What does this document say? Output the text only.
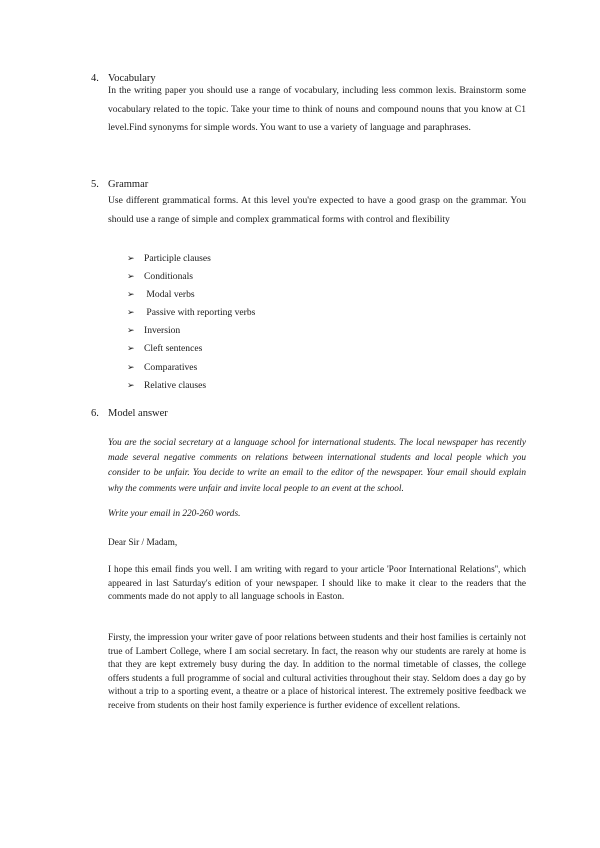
4. Vocabulary

In the writing paper you should use a range of vocabulary, including less common lexis. Brainstorm some vocabulary related to the topic. Take your time to think of nouns and compound nouns that you know at C1 level.Find synonyms for simple words. You want to use a variety of language and paraphrases.

5. Grammar

Use different grammatical forms. At this level you're expected to have a good grasp on the grammar. You should use a range of simple and complex grammatical forms with control and flexibility

➢ Participle clauses
➢ Conditionals
➢ Modal verbs
➢ Passive with reporting verbs
➢ Inversion
➢ Cleft sentences
➢ Comparatives
➢ Relative clauses
6. Model answer

You are the social secretary at a language school for international students. The local newspaper has recently made several negative comments on relations between international students and local people which you consider to be unfair. You decide to write an email to the editor of the newspaper. Your email should explain why the comments were unfair and invite local people to an event at the school.

Write your email in 220-260 words.

Dear Sir / Madam,

I hope this email finds you well. I am writing with regard to your article 'Poor International Relations'', which appeared in last Saturday's edition of your newspaper. I should like to make it clear to the readers that the comments made do not apply to all language schools in Easton.

Firsty, the impression your writer gave of poor relations between students and their host families is certainly not true of Lambert College, where I am social secretary. In fact, the reason why our students are rarely at home is that they are kept extremely busy during the day. In addition to the normal timetable of classes, the college offers students a full programme of social and cultural activities throughout their stay. Seldom does a day go by without a trip to a sporting event, a theatre or a place of historical interest. The extremely positive feedback we receive from students on their host family experience is further evidence of excellent relations.
